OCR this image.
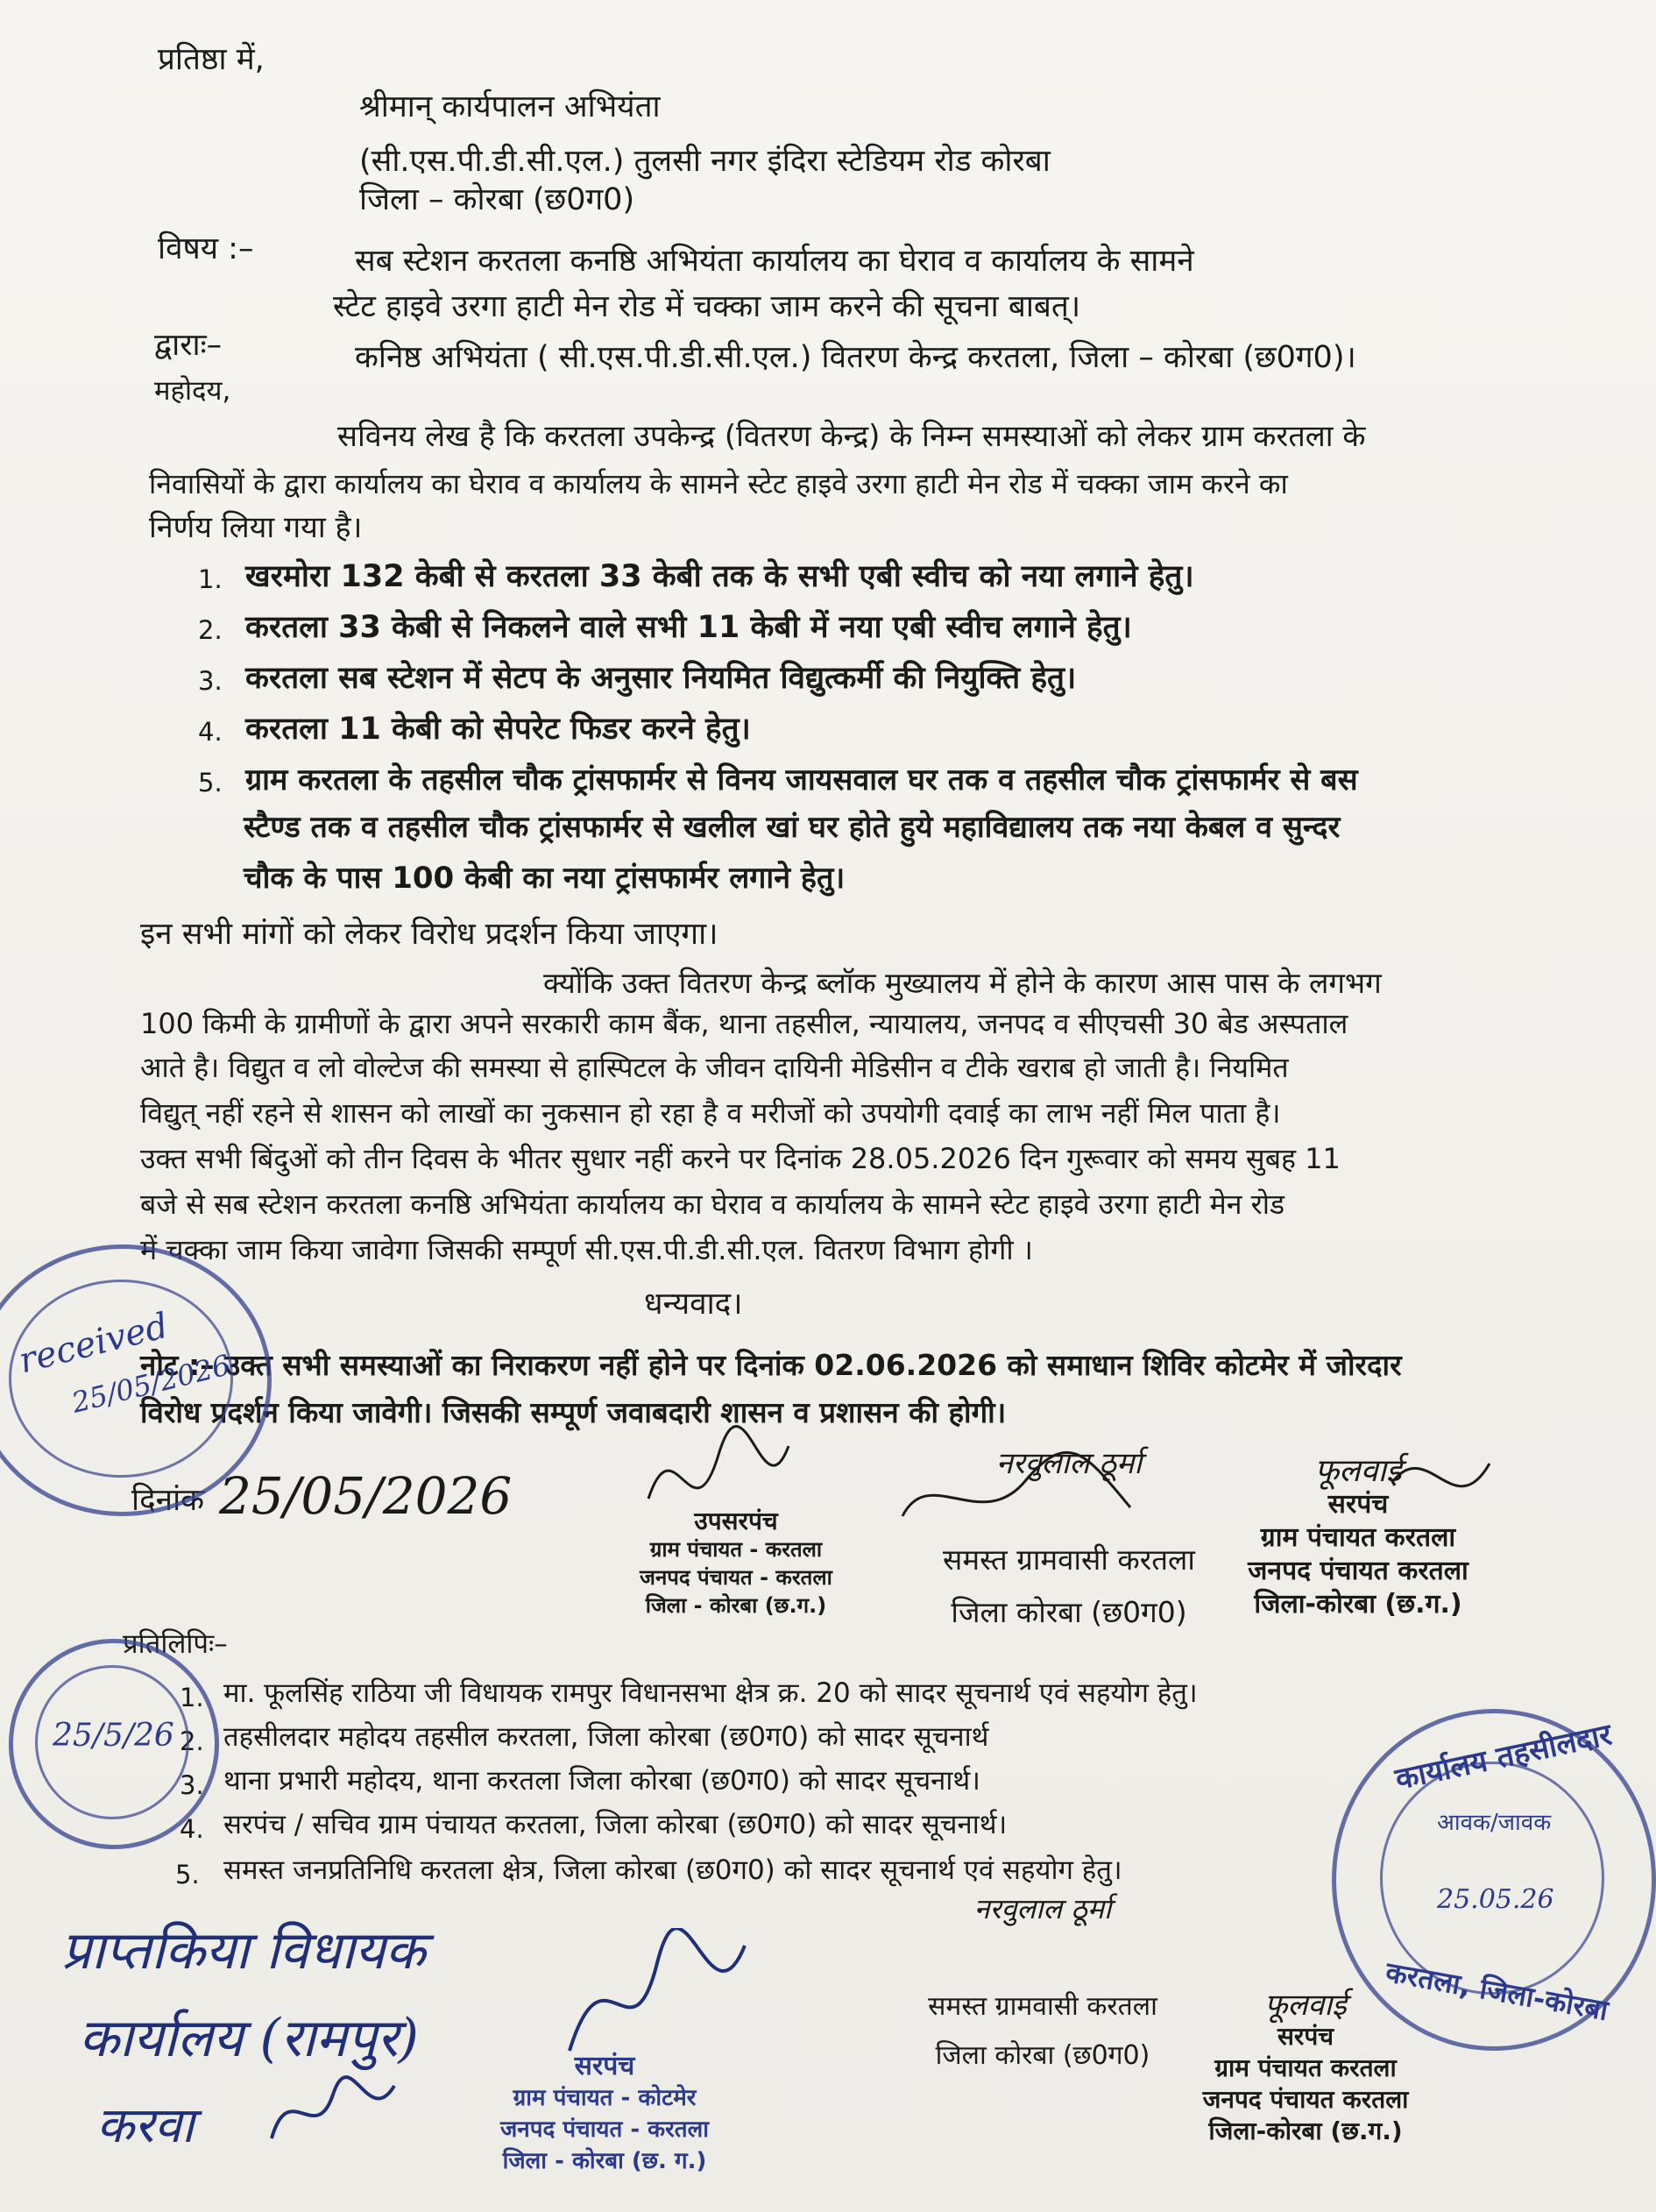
प्रतिष्ठा में,
श्रीमान् कार्यपालन अभियंता
(सी.एस.पी.डी.सी.एल.) तुलसी नगर इंदिरा स्टेडियम रोड कोरबा
जिला – कोरबा (छ0ग0)
विषय :–	सब स्टेशन करतला कनष्ठि अभियंता कार्यालय का घेराव व कार्यालय के सामने
स्टेट हाइवे उरगा हाटी मेन रोड में चक्का जाम करने की सूचना बाबत्।
द्वाराः–	कनिष्ठ अभियंता ( सी.एस.पी.डी.सी.एल.) वितरण केन्द्र करतला, जिला – कोरबा (छ0ग0)।
महोदय,
सविनय लेख है कि करतला उपकेन्द्र (वितरण केन्द्र) के निम्न समस्याओं को लेकर ग्राम करतला के
निवासियों के द्वारा कार्यालय का घेराव व कार्यालय के सामने स्टेट हाइवे उरगा हाटी मेन रोड में चक्का जाम करने का
निर्णय लिया गया है।
1. खरमोरा 132 केबी से करतला 33 केबी तक के सभी एबी स्वीच को नया लगाने हेतु।
2. करतला 33 केबी से निकलने वाले सभी 11 केबी में नया एबी स्वीच लगाने हेतु।
3. करतला सब स्टेशन में सेटप के अनुसार नियमित विद्युत्कर्मी की नियुक्ति हेतु।
4. करतला 11 केबी को सेपरेट फिडर करने हेतु।
5. ग्राम करतला के तहसील चौक ट्रांसफार्मर से विनय जायसवाल घर तक व तहसील चौक ट्रांसफार्मर से बस
स्टैण्ड तक व तहसील चौक ट्रांसफार्मर से खलील खां घर होते हुये महाविद्यालय तक नया केबल व सुन्दर
चौक के पास 100 केबी का नया ट्रांसफार्मर लगाने हेतु।
इन सभी मांगों को लेकर विरोध प्रदर्शन किया जाएगा।
क्योंकि उक्त वितरण केन्द्र ब्लॉक मुख्यालय में होने के कारण आस पास के लगभग
100 किमी के ग्रामीणों के द्वारा अपने सरकारी काम बैंक, थाना तहसील, न्यायालय, जनपद व सीएचसी 30 बेड अस्पताल
आते है। विद्युत व लो वोल्टेज की समस्या से हास्पिटल के जीवन दायिनी मेडिसीन व टीके खराब हो जाती है। नियमित
विद्युत् नहीं रहने से शासन को लाखों का नुकसान हो रहा है व मरीजों को उपयोगी दवाई का लाभ नहीं मिल पाता है।
उक्त सभी बिंदुओं को तीन दिवस के भीतर सुधार नहीं करने पर दिनांक 28.05.2026 दिन गुरूवार को समय सुबह 11
बजे से सब स्टेशन करतला कनष्ठि अभियंता कार्यालय का घेराव व कार्यालय के सामने स्टेट हाइवे उरगा हाटी मेन रोड
में चक्का जाम किया जावेगा जिसकी सम्पूर्ण सी.एस.पी.डी.सी.एल. वितरण विभाग होगी ।
धन्यवाद।
नोट :– उक्त सभी समस्याओं का निराकरण नहीं होने पर दिनांक 02.06.2026 को समाधान शिविर कोटमेर में जोरदार
विरोध प्रदर्शन किया जावेगी। जिसकी सम्पूर्ण जवाबदारी शासन व प्रशासन की होगी।
दिनांक 25/05/2026	उपसरपंच
ग्राम पंचायत - करतला
जनपद पंचायत - करतला
जिला - कोरबा (छ.ग.)
नरवुलाल ठूर्मा
समस्त ग्रामवासी करतला
जिला कोरबा (छ0ग0)
फूलवाई
सरपंच
ग्राम पंचायत करतला
जनपद पंचायत करतला
जिला-कोरबा (छ.ग.)
प्रतिलिपिः–
1. मा. फूलसिंह राठिया जी विधायक रामपुर विधानसभा क्षेत्र क्र. 20 को सादर सूचनार्थ एवं सहयोग हेतु।
2. तहसीलदार महोदय तहसील करतला, जिला कोरबा (छ0ग0) को सादर सूचनार्थ
3. थाना प्रभारी महोदय, थाना करतला जिला कोरबा (छ0ग0) को सादर सूचनार्थ।
4. सरपंच / सचिव ग्राम पंचायत करतला, जिला कोरबा (छ0ग0) को सादर सूचनार्थ।
5. समस्त जनप्रतिनिधि करतला क्षेत्र, जिला कोरबा (छ0ग0) को सादर सूचनार्थ एवं सहयोग हेतु।
प्राप्तकिया विधायक
कार्यालय (रामपुर)
करवा
सरपंच
ग्राम पंचायत - कोटमेर
जनपद पंचायत - करतला
जिला - कोरबा (छ. ग.)
नरवुलाल ठूर्मा
समस्त ग्रामवासी करतला
जिला कोरबा (छ0ग0)
फूलवाई
सरपंच
ग्राम पंचायत करतला
जनपद पंचायत करतला
जिला-कोरबा (छ.ग.)
received
25/05/2026
25/5/26	कार्यालय तहसीलदार
आवक/जावक
25.05.26
करतला, जिला-कोरबा
